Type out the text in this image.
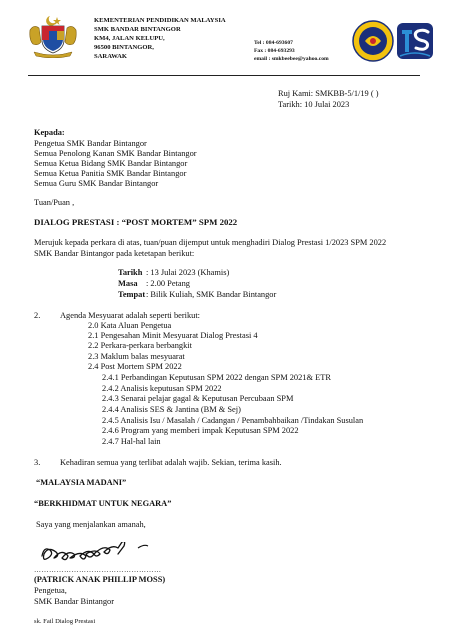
KEMENTERIAN PENDIDIKAN MALAYSIA
SMK BANDAR BINTANGOR
KM4, JALAN KELUPU,
96500 BINTANGOR,
SARAWAK
Tel : 084-693607
Fax : 084-693293
email : smkbeebee@yahoo.com
Ruj Kami: SMKBB-5/1/19 ( )
Tarikh: 10 Julai 2023
Kepada:
Pengetua SMK Bandar Bintangor
Semua Penolong Kanan SMK Bandar Bintangor
Semua Ketua Bidang SMK Bandar Bintangor
Semua Ketua Panitia SMK Bandar Bintangor
Semua Guru SMK Bandar Bintangor
Tuan/Puan ,
DIALOG PRESTASI : “POST MORTEM” SPM 2022
Merujuk kepada perkara di atas, tuan/puan dijemput untuk menghadiri Dialog Prestasi 1/2023 SPM 2022
SMK Bandar Bintangor pada ketetapan berikut:
Tarikh : 13 Julai 2023 (Khamis)
Masa : 2.00 Petang
Tempat : Bilik Kuliah, SMK Bandar Bintangor
2. Agenda Mesyuarat adalah seperti berikut:
2.0 Kata Aluan Pengetua
2.1 Pengesahan Minit Mesyuarat Dialog Prestasi 4
2.2 Perkara-perkara berbangkit
2.3 Maklum balas mesyuarat
2.4 Post Mortem SPM 2022
2.4.1 Perbandingan Keputusan SPM 2022 dengan SPM 2021& ETR
2.4.2 Analisis keputusan SPM 2022
2.4.3 Senarai pelajar gagal & Keputusan Percubaan SPM
2.4.4 Analisis SES & Jantina (BM & Sej)
2.4.5 Analisis Isu / Masalah / Cadangan / Penambahbaikan /Tindakan Susulan
2.4.6 Program yang memberi impak Keputusan SPM 2022
2.4.7 Hal-hal lain
3. Kehadiran semua yang terlibat adalah wajib. Sekian, terima kasih.
“MALAYSIA MADANI”
“BERKHIDMAT UNTUK NEGARA”
Saya yang menjalankan amanah,
……………………………………………
(PATRICK ANAK PHILLIP MOSS)
Pengetua,
SMK Bandar Bintangor
sk. Fail Dialog Prestasi
